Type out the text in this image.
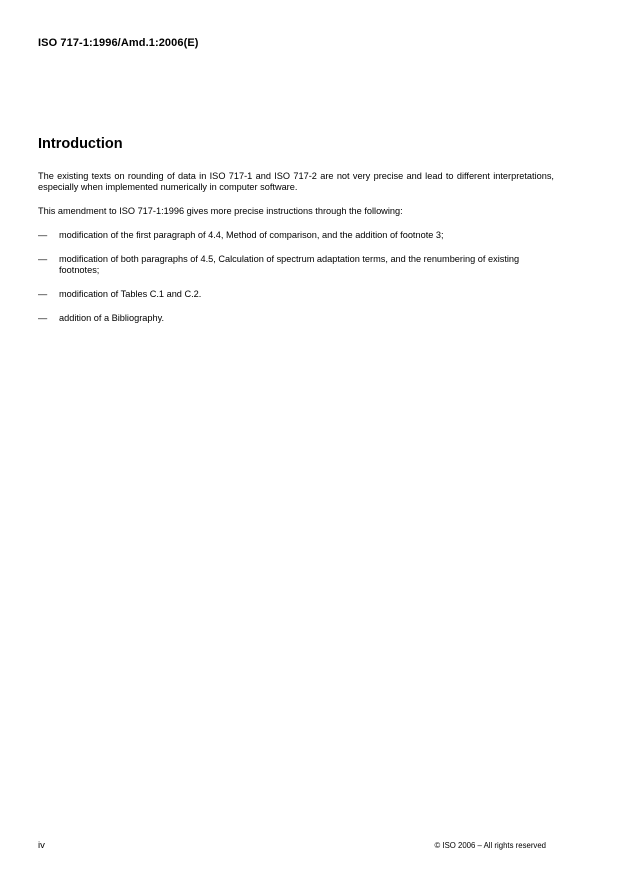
ISO 717-1:1996/Amd.1:2006(E)
Introduction

The existing texts on rounding of data in ISO 717-1 and ISO 717-2 are not very precise and lead to different interpretations, especially when implemented numerically in computer software.

This amendment to ISO 717-1:1996 gives more precise instructions through the following:

—	modification of the first paragraph of 4.4, Method of comparison, and the addition of footnote 3;
—	modification of both paragraphs of 4.5, Calculation of spectrum adaptation terms, and the renumbering of existing footnotes;
—	modification of Tables C.1 and C.2.
—	addition of a Bibliography.
iv	© ISO 2006 – All rights reserved
